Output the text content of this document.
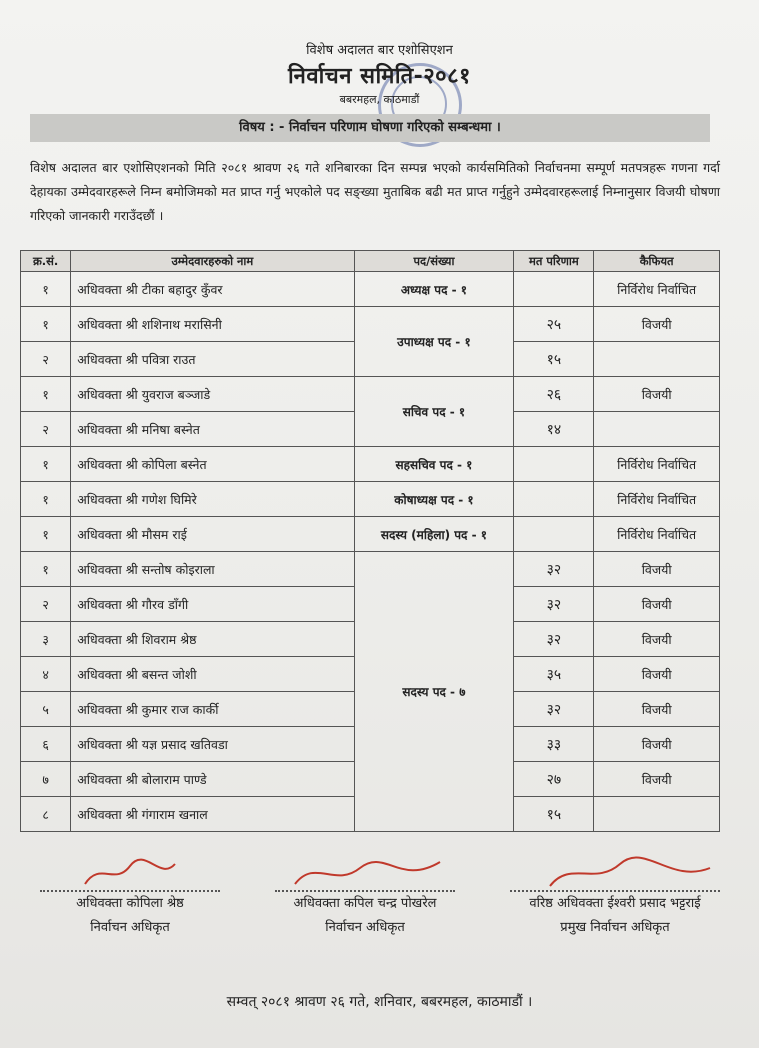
विशेष अदालत बार एशोसिएशन
निर्वाचन समिति-२०८१
बबरमहल, काठमाडौं
विषय : - निर्वाचन परिणाम घोषणा गरिएको सम्बन्धमा ।
विशेष अदालत बार एशोसिएशनको मिति २०८१ श्रावण २६ गते शनिबारका दिन सम्पन्न भएको कार्यसमितिको निर्वाचनमा सम्पूर्ण मतपत्रहरू गणना गर्दा देहायका उम्मेदवारहरूले निम्न बमोजिमको मत प्राप्त गर्नु भएकोले पद सङ्ख्या मुताबिक बढी मत प्राप्त गर्नुहुने उम्मेदवारहरूलाई निम्नानुसार विजयी घोषणा गरिएको जानकारी गराउँदछौं ।
क्र.सं.	उम्मेदवारहरुको नाम	पद/संख्या	मत परिणाम	कैफियत
१	अधिवक्ता श्री टीका बहादुर कुँवर	अध्यक्ष पद - १		निर्विरोध निर्वाचित
१	अधिवक्ता श्री शशिनाथ मरासिनी	उपाध्यक्ष पद - १	२५	विजयी
२	अधिवक्ता श्री पवित्रा राउत		१५	
१	अधिवक्ता श्री युवराज बञ्जाडे	सचिव पद - १	२६	विजयी
२	अधिवक्ता श्री मनिषा बस्नेत		१४	
१	अधिवक्ता श्री कोपिला बस्नेत	सहसचिव पद - १		निर्विरोध निर्वाचित
१	अधिवक्ता श्री गणेश घिमिरे	कोषाध्यक्ष पद - १		निर्विरोध निर्वाचित
१	अधिवक्ता श्री मौसम राई	सदस्य (महिला) पद - १		निर्विरोध निर्वाचित
१	अधिवक्ता श्री सन्तोष कोइराला	सदस्य पद - ७	३२	विजयी
२	अधिवक्ता श्री गौरव डाँगी		३२	विजयी
३	अधिवक्ता श्री शिवराम श्रेष्ठ		३२	विजयी
४	अधिवक्ता श्री बसन्त जोशी		३५	विजयी
५	अधिवक्ता श्री कुमार राज कार्की		३२	विजयी
६	अधिवक्ता श्री यज्ञ प्रसाद खतिवडा		३३	विजयी
७	अधिवक्ता श्री बोलाराम पाण्डे		२७	विजयी
८	अधिवक्ता श्री गंगाराम खनाल		१५	
अधिवक्ता कोपिला श्रेष्ठ
निर्वाचन अधिकृत
अधिवक्ता कपिल चन्द्र पोखरेल
निर्वाचन अधिकृत
वरिष्ठ अधिवक्ता ईश्वरी प्रसाद भट्टराई
प्रमुख निर्वाचन अधिकृत
सम्वत् २०८१ श्रावण २६ गते, शनिवार, बबरमहल, काठमाडौं ।
